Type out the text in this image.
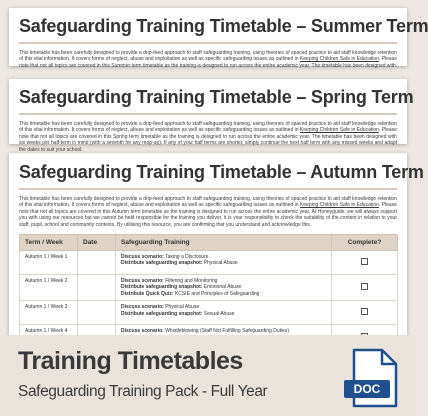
Safeguarding Training Timetable – Summer Term
This timetable has been carefully designed to provide a drip-feed approach to staff safeguarding training, using theories of spaced practice to aid staff knowledge retention of this vital information. It covers forms of neglect, abuse and exploitation as well as specific safeguarding issues as outlined in Keeping Children Safe in Education. Please note that not all topics are covered in this Summer term timetable as the training is designed to run across the entire academic year. The timetable has been designed with
Safeguarding Training Timetable – Spring Term
This timetable has been carefully designed to provide a drip-feed approach to staff safeguarding training, using theories of spaced practice to aid staff knowledge retention of this vital information. It covers forms of neglect, abuse and exploitation as well as specific safeguarding issues as outlined in Keeping Children Safe in Education. Please note that not all topics are covered in this Spring term timetable as the training is designed to run across the entire academic year. The timetable has been designed with six weeks per half-term in mind (with a seventh for any mop-up). If any of your half terms are shorter, simply continue the next half term with any missed weeks and adapt the dates to suit your school.
Safeguarding Training Timetable – Autumn Term
This timetable has been carefully designed to provide a drip-feed approach to staff safeguarding training, using theories of spaced practice to aid staff knowledge retention of this vital information. It covers forms of neglect, abuse and exploitation as well as specific safeguarding issues as outlined in Keeping Children Safe in Education. Please note that not all topics are covered in this Autumn term timetable as the training is designed to run across the entire academic year. At Honeyguide, we will always support you with using our resources but we cannot be held responsible for the training you deliver, it is your responsibility to check the suitability of the content in relation to your staff, pupil, school and community contexts. By utilising this resource, you are confirming that you understand and acknowledge this.
Term / Week	Date	Safeguarding Training	Complete?
Autumn 1 / Week 1		Discuss scenario: Taking a Disclosure
Distribute safeguarding snapshot: Physical Abuse	

Autumn 1 / Week 2		Discuss scenario: Filtering and Monitoring
Distribute safeguarding snapshot: Emotional Abuse
Distribute Quick Quiz: KCSIE and Principles of Safeguarding	

Autumn 1 / Week 3		Discuss scenario: Physical Abuse
Distribute safeguarding snapshot: Sexual Abuse	

Autumn 1 / Week 4		Discuss scenario: Whistleblowing (Staff Not Fulfilling Safeguarding Duties)	

Training Timetables
Safeguarding Training Pack - Full Year	DOC
